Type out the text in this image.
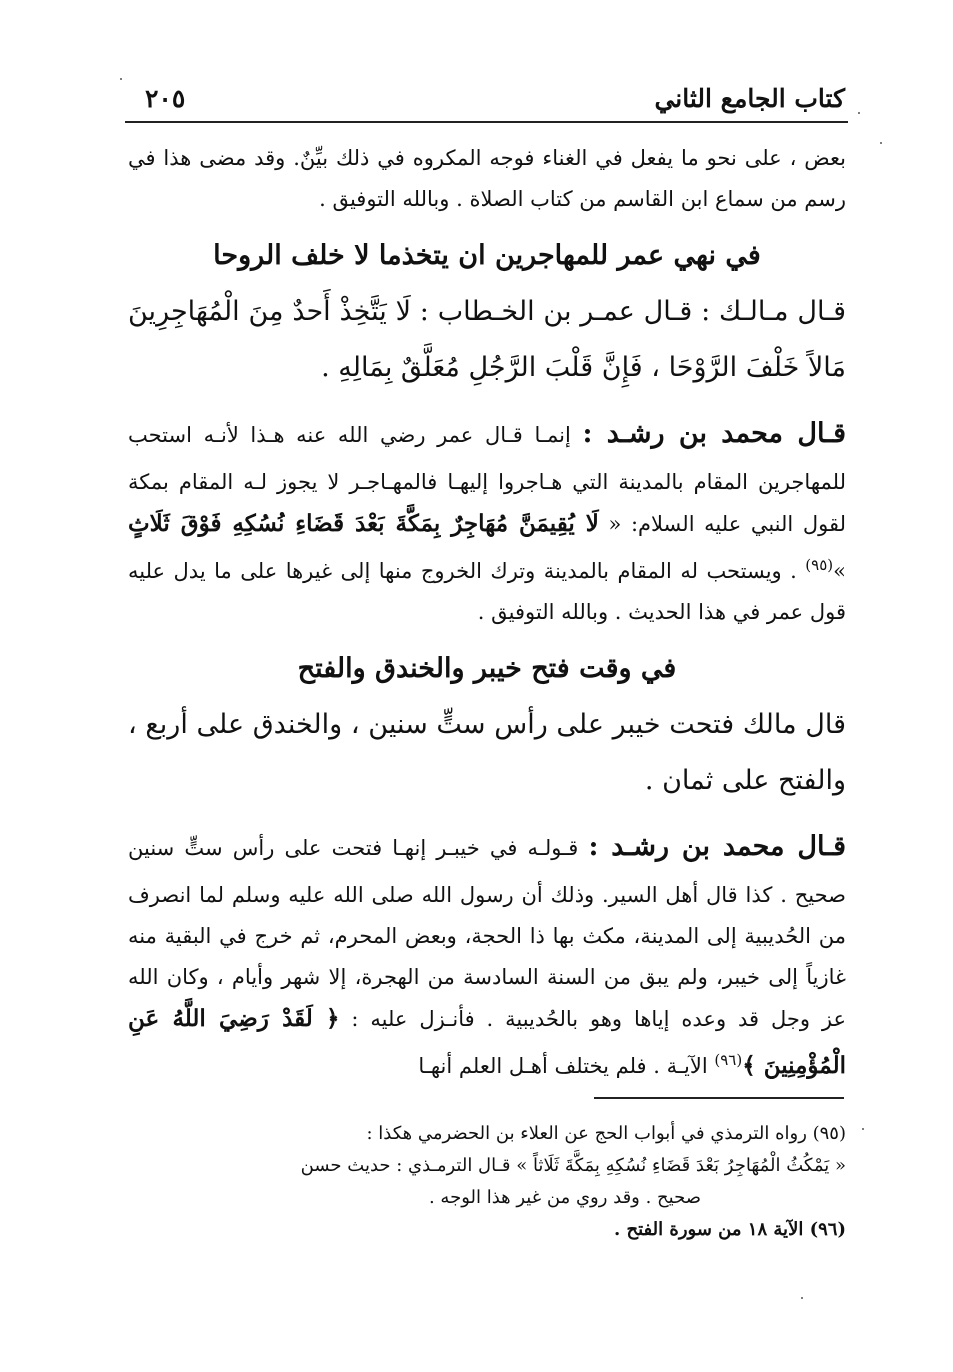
كتاب الجامع الثاني
٢٠٥

بعض ، على نحو ما يفعل في الغناء فوجه المكروه في ذلك بيِّنٌ. وقد مضى هذا في رسم من سماع ابن القاسم من كتاب الصلاة . وبالله التوفيق .

في نهي عمر للمهاجرين ان يتخذما لا خلف الروحا

قـال مـالـك : قـال عمـر بن الخـطاب : لَا يَتَّخِذْ أَحدٌ مِنَ الْمُهَاجِرِينَ مَالاً خَلْفَ الرَّوْحَا ، فَإِنَّ قَلْبَ الرَّجُلِ مُعَلَّقٌ بِمَالِهِ .

قـال محمد بن رشـد : إنمـا قـال عمر رضي الله عنه هـذا لأنـه استحب للمهاجرين المقام بالمدينة التي هـاجروا إليهـا فالمهـاجـر لا يجوز لـه المقام بمكة لقول النبي عليه السلام: « لَا يُقِيمَنَّ مُهَاجِرٌ بِمَكَّةَ بَعْدَ قَضَاءِ نُسُكِهِ فَوْقَ ثَلَاثٍ »$^{(٩٥)}$ . ويستحب له المقام بالمدينة وترك الخروج منها إلى غيرها على ما يدل عليه قول عمر في هذا الحديث . وبالله التوفيق .

في وقت فتح خيبر والخندق والفتح

قال مالك فتحت خيبر على رأس ستٍّ سنين ، والخندق على أربع ، والفتح على ثمان .

قـال محمد بن رشـد : قـولـه في خيبـر إنهـا فتحت على رأس ستٍّ سنين صحيح . كذا قال أهل السير. وذلك أن رسول الله صلى الله عليه وسلم لما انصرف من الحُديبية إلى المدينة، مكث بها ذا الحجة، وبعض المحرم، ثم خرج في البقية منه غازياً إلى خيبر، ولم يبق من السنة السادسة من الهجرة، إلا شهر وأيام ، وكان الله عز وجل قد وعده إياها وهو بالحُديبية . فأنـزل عليه : ﴿ لَقَدْ رَضِيَ اللَّهُ عَنِ الْمُؤْمِنِينَ ﴾$^{(٩٦)}$ الآيـة . فلم يختلف أهـل العلم أنهـا

(٩٥) رواه الترمذي في أبواب الحج عن العلاء بن الحضرمي هكذا :

« يَمْكُثُ الْمُهَاجِرُ بَعْدَ قَضَاءِ نُسُكِهِ بِمَكَّةَ ثَلَاثاً » قـال الترمـذي : حديث حسن

صحيح . وقد روي من غير هذا الوجه .

(٩٦) الآية ١٨ من سورة الفتح .
